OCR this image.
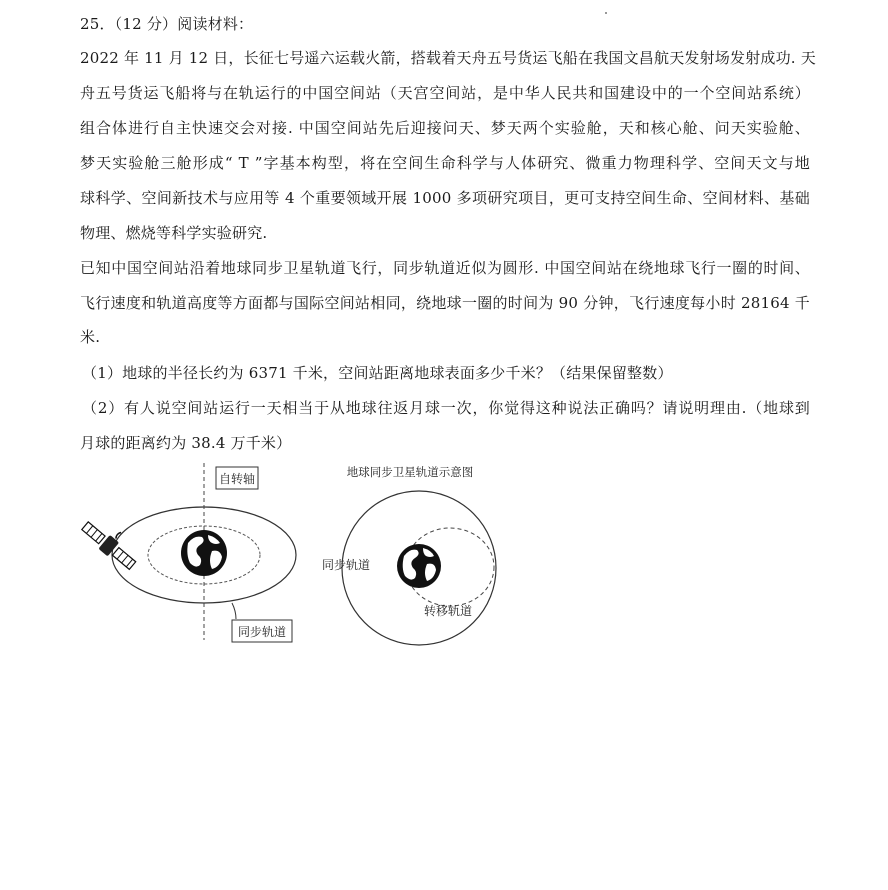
25．（12 分）阅读材料：
2022 年 11 月 12 日，长征七号遥六运载火箭，搭载着天舟五号货运飞船在我国文昌航天发射场发射成功. 天
舟五号货运飞船将与在轨运行的中国空间站（天宫空间站，是中华人民共和国建设中的一个空间站系统）
组合体进行自主快速交会对接. 中国空间站先后迎接问天、梦天两个实验舱，天和核心舱、问天实验舱、
梦天实验舱三舱形成“ T ”字基本构型，将在空间生命科学与人体研究、微重力物理科学、空间天文与地
球科学、空间新技术与应用等 4 个重要领域开展 1000 多项研究项目，更可支持空间生命、空间材料、基础
物理、燃烧等科学实验研究.
已知中国空间站沿着地球同步卫星轨道飞行，同步轨道近似为圆形. 中国空间站在绕地球飞行一圈的时间、
飞行速度和轨道高度等方面都与国际空间站相同，绕地球一圈的时间为 90 分钟，飞行速度每小时 28164 千
米.
（1）地球的半径长约为 6371 千米，空间站距离地球表面多少千米？（结果保留整数）
（2）有人说空间站运行一天相当于从地球往返月球一次，你觉得这种说法正确吗？请说明理由.（地球到
月球的距离约为 38.4 万千米）
自转轴
同步轨道
地球同步卫星轨道示意图
同步轨道
转移轨道
